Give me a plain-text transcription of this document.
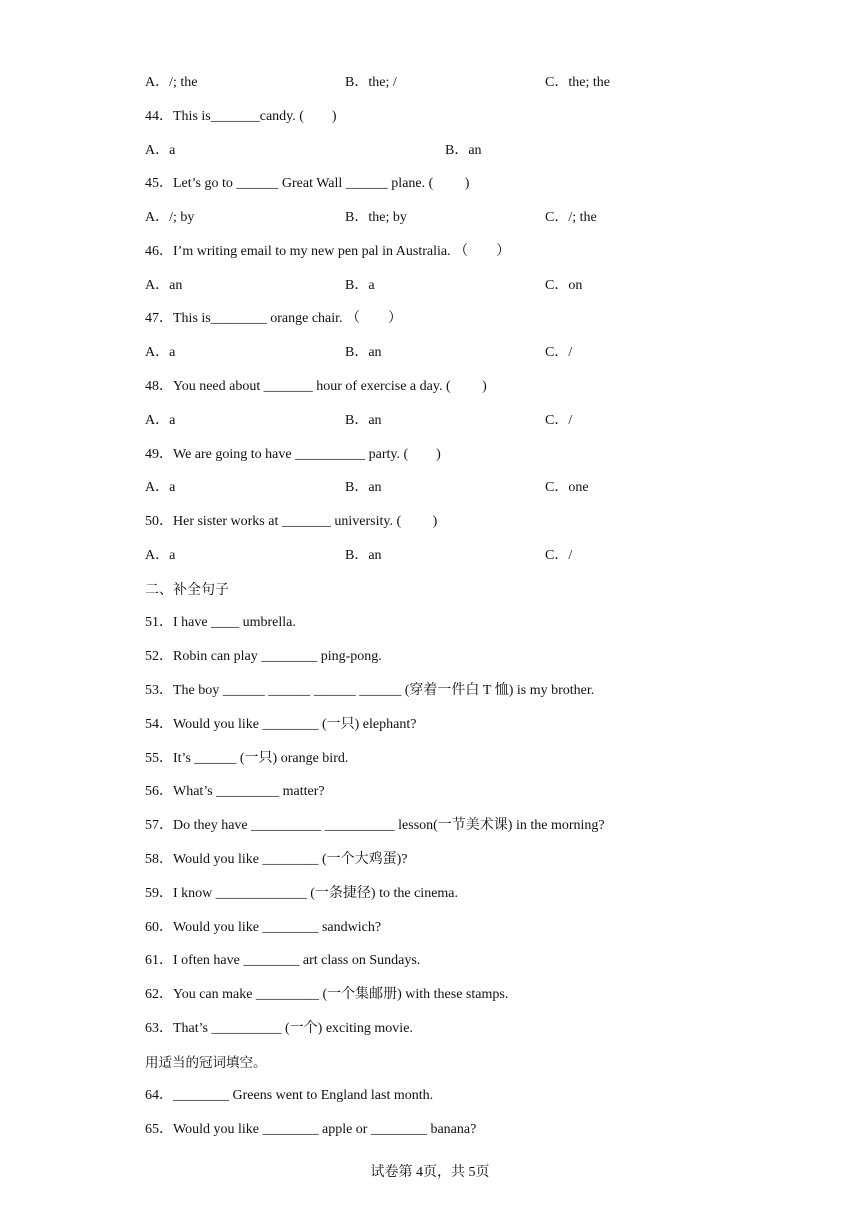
A．/; the	B．the; /	C．the; the
44．This is_______candy. (　　)
A．a	B．an
45．Let’s go to ______ Great Wall ______ plane. (　　 )
A．/; by	B．the; by	C．/; the
46．I’m writing email to my new pen pal in Australia. （　　）
A．an	B．a	C．on
47．This is________ orange chair. （　　）
A．a	B．an	C．/
48．You need about _______ hour of exercise a day. (　　 )
A．a	B．an	C．/
49．We are going to have __________ party. (　　)
A．a	B．an	C．one
50．Her sister works at _______ university. (　　 )
A．a	B．an	C．/
二、补全句子
51．I have ____ umbrella.
52．Robin can play ________ ping-pong.
53．The boy ______ ______ ______ ______ (穿着一件白 T 恤) is my brother.
54．Would you like ________ (一只) elephant?
55．It’s ______ (一只) orange bird.
56．What’s _________ matter?
57．Do they have __________ __________ lesson(一节美术课) in the morning?
58．Would you like ________ (一个大鸡蛋)?
59．I know _____________ (一条捷径) to the cinema.
60．Would you like ________ sandwich?
61．I often have ________ art class on Sundays.
62．You can make _________ (一个集邮册) with these stamps.
63．That’s __________ (一个) exciting movie.
用适当的冠词填空。
64．________ Greens went to England last month.
65．Would you like ________ apple or ________ banana?
试卷第 4页，共 5页
